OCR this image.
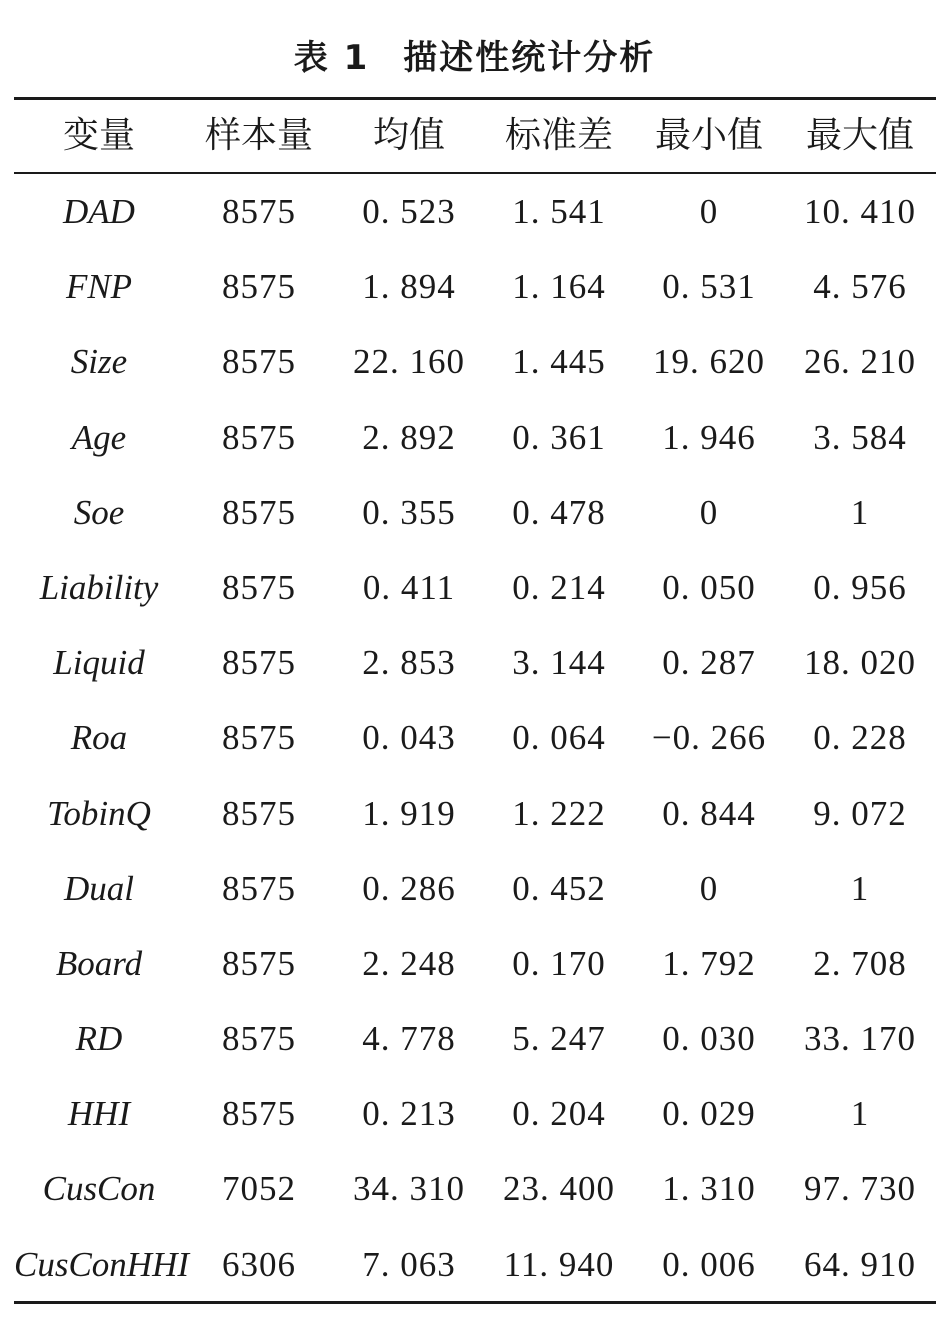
表 1 描述性统计分析
变量	样本量	均值	标准差	最小值	最大值
DAD	8575	0. 523	1. 541	0	10. 410
FNP	8575	1. 894	1. 164	0. 531	4. 576
Size	8575	22. 160	1. 445	19. 620	26. 210
Age	8575	2. 892	0. 361	1. 946	3. 584
Soe	8575	0. 355	0. 478	0	1
Liability	8575	0. 411	0. 214	0. 050	0. 956
Liquid	8575	2. 853	3. 144	0. 287	18. 020
Roa	8575	0. 043	0. 064	−0. 266	0. 228
TobinQ	8575	1. 919	1. 222	0. 844	9. 072
Dual	8575	0. 286	0. 452	0	1
Board	8575	2. 248	0. 170	1. 792	2. 708
RD	8575	4. 778	5. 247	0. 030	33. 170
HHI	8575	0. 213	0. 204	0. 029	1
CusCon	7052	34. 310	23. 400	1. 310	97. 730
CusConHHI 6306	7. 063	11. 940	0. 006	64. 910
